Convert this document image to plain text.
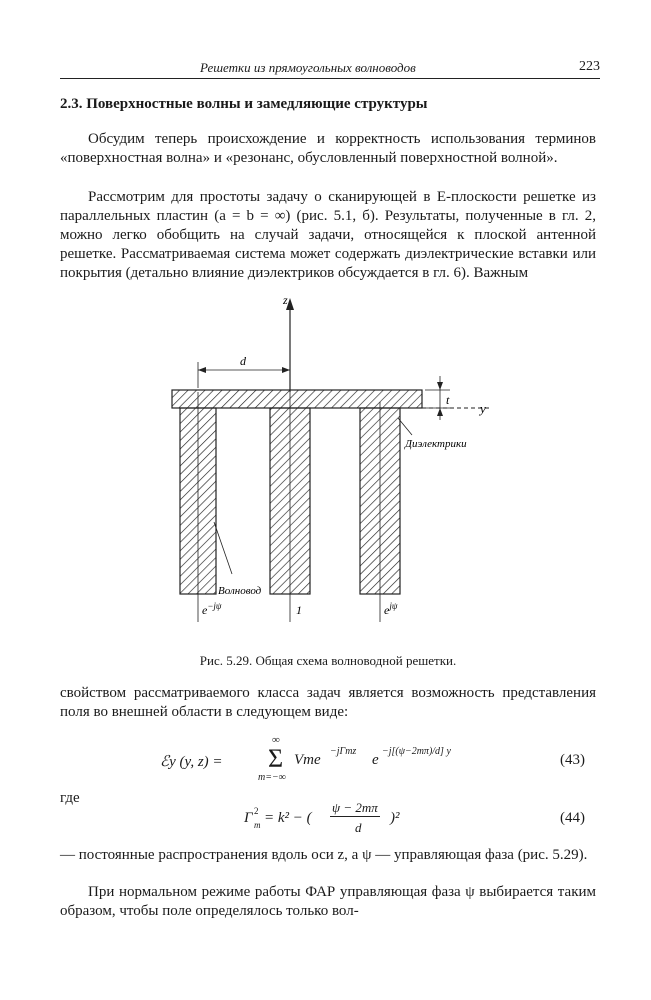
Решетки из прямоугольных волноводов	223
2.3. Поверхностные волны и замедляющие структуры

Обсудим теперь происхождение и корректность использования терминов «поверхностная волна» и «резонанс, обусловленный поверхностной волной».

Рассмотрим для простоты задачу о сканирующей в E-плоскости решетке из параллельных пластин (a = b = ∞) (рис. 5.1, б). Результаты, полученные в гл. 2, можно легко обобщить на случай задачи, относящейся к плоской антенной решетке. Рассматриваемая система может содержать диэлектрические вставки или покрытия (детально влияние диэлектриков обсуждается в гл. 6). Важным

z
d
t
y
Диэлектрики
Волновод
$e^{-j\psi}$	1	$e^{j\psi}$
Рис. 5.29. Общая схема волноводной решетки.

свойством рассматриваемого класса задач является возможность представления поля во внешней области в следующем виде:

ℰy (y, z) =
∞
Σ
m=−∞
Vme
−jΓmz
e
−j[(ψ−2mπ)/d] y
(43)
где
Γ m
2 = k² − (
ψ − 2mπ
d
)²	(44)

— постоянные распространения вдоль оси z, а ψ — управляющая фаза (рис. 5.29).

При нормальном режиме работы ФАР управляющая фаза ψ выбирается таким образом, чтобы поле определялось только вол-
